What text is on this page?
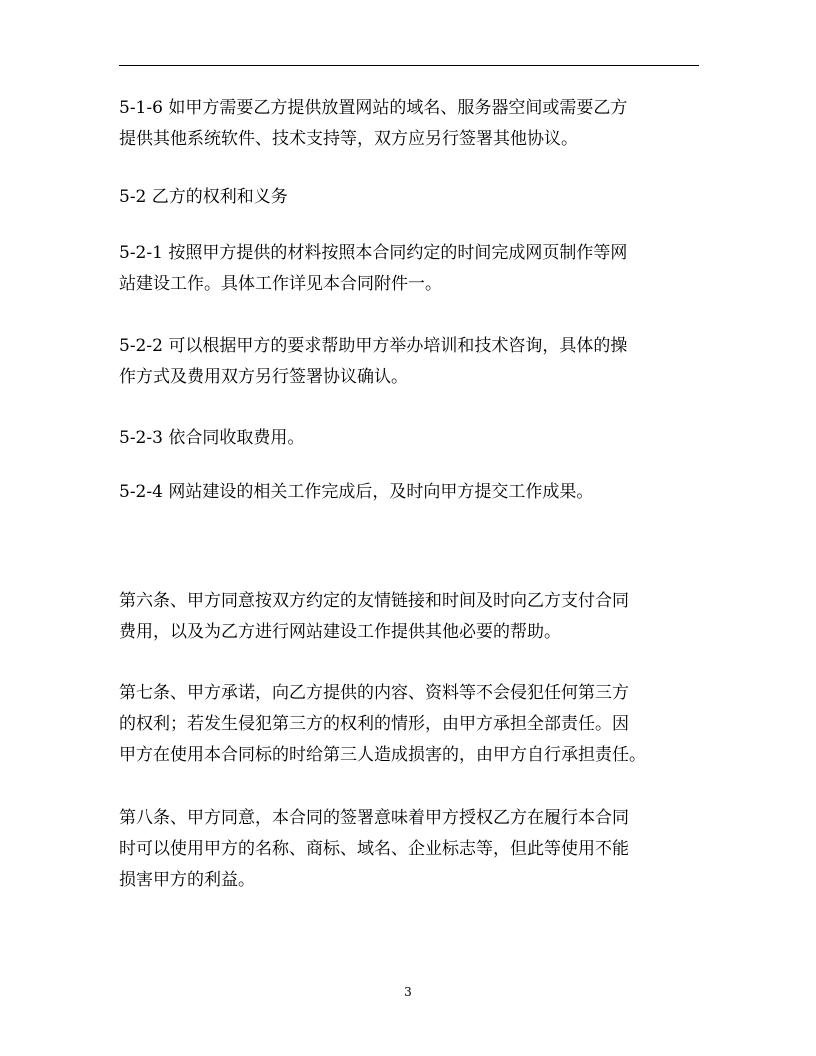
5-1-6 如甲方需要乙方提供放置网站的域名、服务器空间或需要乙方
提供其他系统软件、技术支持等，双方应另行签署其他协议。
5-2 乙方的权利和义务
5-2-1 按照甲方提供的材料按照本合同约定的时间完成网页制作等网
站建设工作。具体工作详见本合同附件一。
5-2-2 可以根据甲方的要求帮助甲方举办培训和技术咨询，具体的操
作方式及费用双方另行签署协议确认。
5-2-3 依合同收取费用。
5-2-4 网站建设的相关工作完成后，及时向甲方提交工作成果。
第六条、甲方同意按双方约定的友情链接和时间及时向乙方支付合同
费用，以及为乙方进行网站建设工作提供其他必要的帮助。
第七条、甲方承诺，向乙方提供的内容、资料等不会侵犯任何第三方
的权利；若发生侵犯第三方的权利的情形，由甲方承担全部责任。因
甲方在使用本合同标的时给第三人造成损害的，由甲方自行承担责任。
第八条、甲方同意，本合同的签署意味着甲方授权乙方在履行本合同
时可以使用甲方的名称、商标、域名、企业标志等，但此等使用不能
损害甲方的利益。
3
